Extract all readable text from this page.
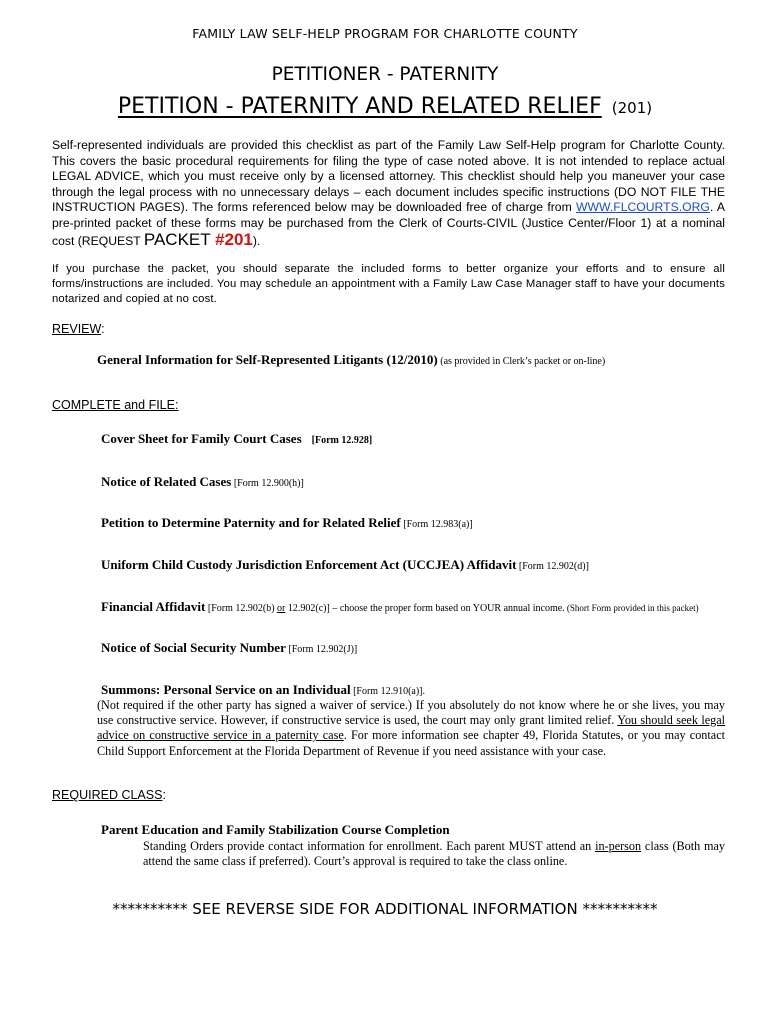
FAMILY LAW SELF-HELP PROGRAM FOR CHARLOTTE COUNTY
PETITIONER - PATERNITY
PETITION - PATERNITY AND RELATED RELIEF (201)
Self-represented individuals are provided this checklist as part of the Family Law Self-Help program for Charlotte County. This covers the basic procedural requirements for filing the type of case noted above. It is not intended to replace actual LEGAL ADVICE, which you must receive only by a licensed attorney. This checklist should help you maneuver your case through the legal process with no unnecessary delays – each document includes specific instructions (DO NOT FILE THE INSTRUCTION PAGES). The forms referenced below may be downloaded free of charge from WWW.FLCOURTS.ORG. A pre-printed packet of these forms may be purchased from the Clerk of Courts-CIVIL (Justice Center/Floor 1) at a nominal cost (REQUEST PACKET #201).
If you purchase the packet, you should separate the included forms to better organize your efforts and to ensure all forms/instructions are included. You may schedule an appointment with a Family Law Case Manager staff to have your documents notarized and copied at no cost.
REVIEW:
General Information for Self-Represented Litigants (12/2010) (as provided in Clerk’s packet or on-line)
COMPLETE and FILE:
Cover Sheet for Family Court Cases [Form 12.928]
Notice of Related Cases [Form 12.900(h)]
Petition to Determine Paternity and for Related Relief [Form 12.983(a)]
Uniform Child Custody Jurisdiction Enforcement Act (UCCJEA) Affidavit [Form 12.902(d)]
Financial Affidavit [Form 12.902(b) or 12.902(c)] – choose the proper form based on YOUR annual income. (Short Form provided in this packet)
Notice of Social Security Number [Form 12.902(J)]
Summons: Personal Service on an Individual [Form 12.910(a)].
(Not required if the other party has signed a waiver of service.) If you absolutely do not know where he or she lives, you may use constructive service. However, if constructive service is used, the court may only grant limited relief. You should seek legal advice on constructive service in a paternity case. For more information see chapter 49, Florida Statutes, or you may contact Child Support Enforcement at the Florida Department of Revenue if you need assistance with your case.
REQUIRED CLASS:
Parent Education and Family Stabilization Course Completion
Standing Orders provide contact information for enrollment. Each parent MUST attend an in-person class (Both may attend the same class if preferred). Court’s approval is required to take the class online.
********** SEE REVERSE SIDE FOR ADDITIONAL INFORMATION **********
